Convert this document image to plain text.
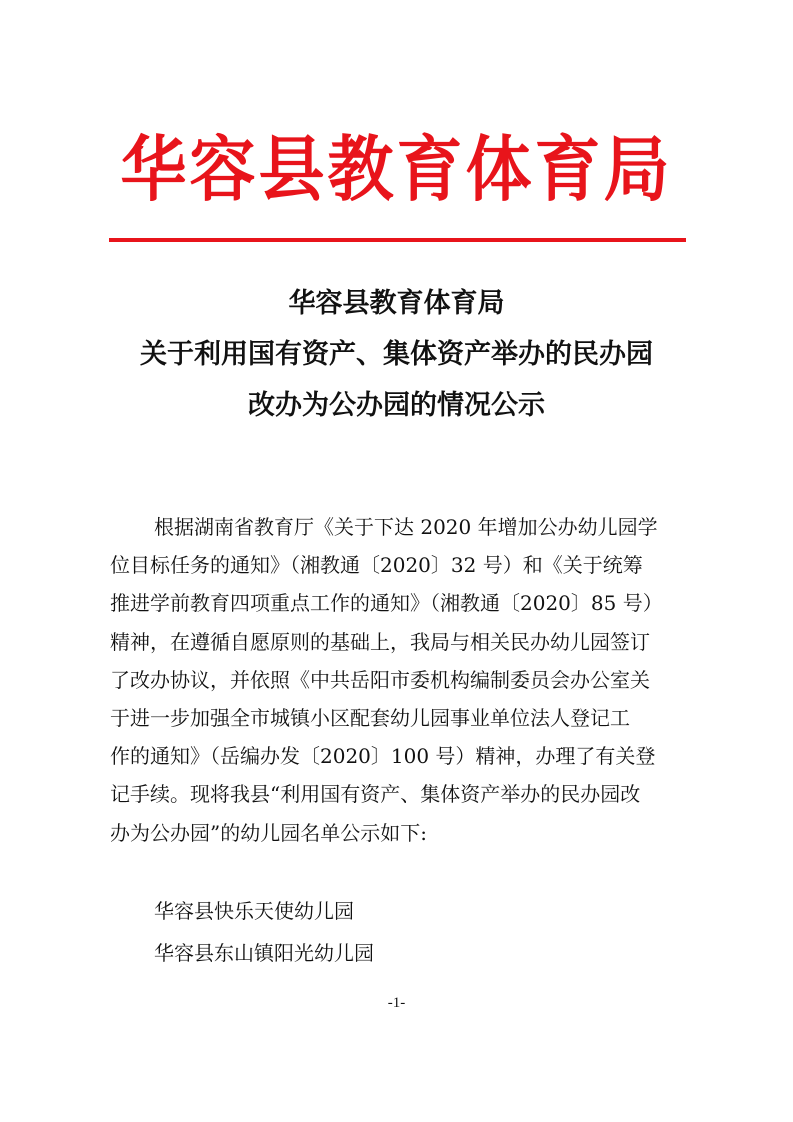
华容县教育体育局
华容县教育体育局
关于利用国有资产、集体资产举办的民办园
改办为公办园的情况公示
根据湖南省教育厅《关于下达 2020 年增加公办幼儿园学
位目标任务的通知》（湘教通〔2020〕32 号）和《关于统筹
推进学前教育四项重点工作的通知》（湘教通〔2020〕85 号）
精神，在遵循自愿原则的基础上，我局与相关民办幼儿园签订
了改办协议，并依照《中共岳阳市委机构编制委员会办公室关
于进一步加强全市城镇小区配套幼儿园事业单位法人登记工
作的通知》（岳编办发〔2020〕100 号）精神，办理了有关登
记手续。现将我县“利用国有资产、集体资产举办的民办园改
办为公办园”的幼儿园名单公示如下:
华容县快乐天使幼儿园
华容县东山镇阳光幼儿园
-1-
